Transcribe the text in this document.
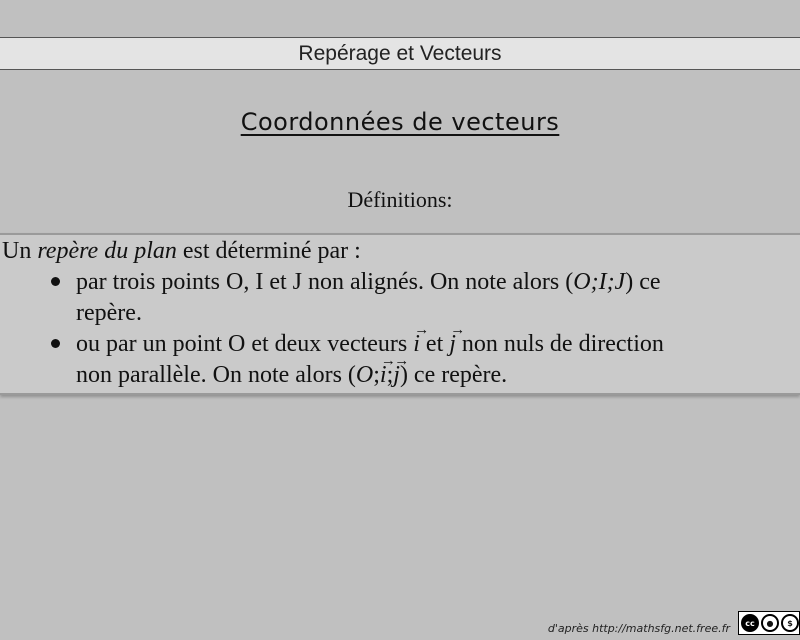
Repérage et Vecteurs
Coordonnées de vecteurs
Définitions:
Un repère du plan est déterminé par :
par trois points O, I et J non alignés. On note alors (O;I;J) ce
repère.
ou par un point O et deux vecteurs i → et j → non nuls de direction
non parallèle. On note alors (O;i →;j →) ce repère.
d'après http://mathsfg.net.free.fr	cc	●	$
